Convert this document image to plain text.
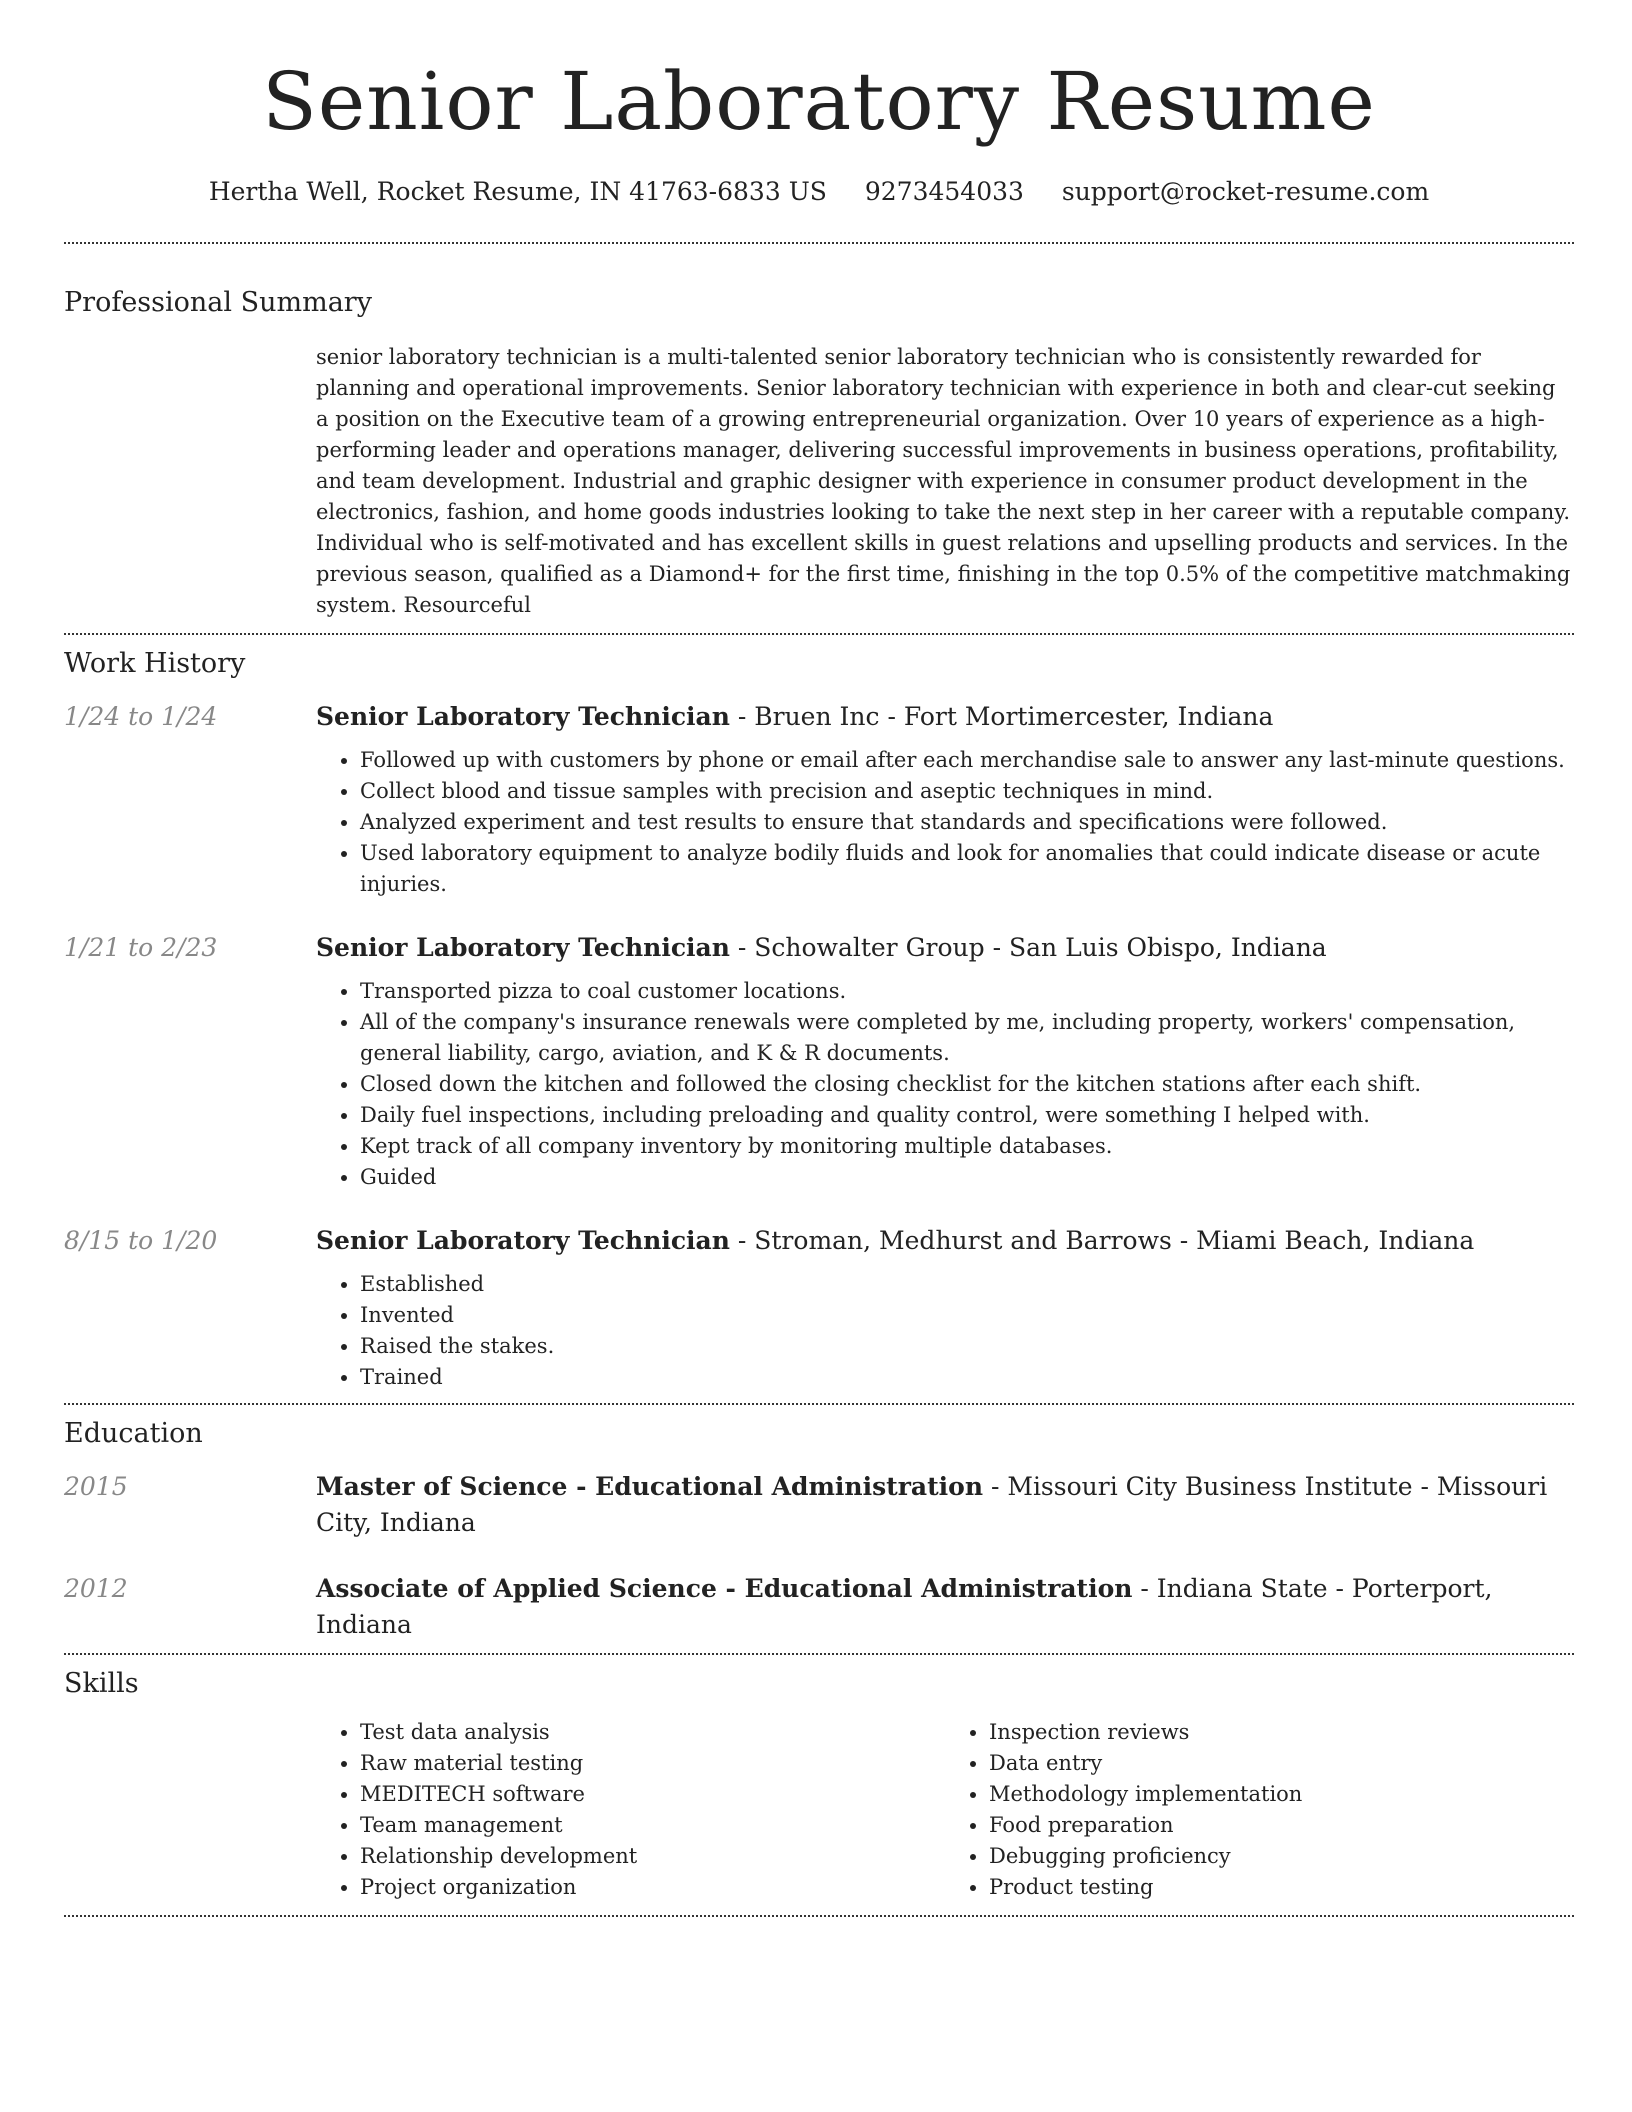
Senior Laboratory Resume
Hertha Well, Rocket Resume, IN 41763-6833 US 9273454033 support@rocket-resume.com
Professional Summary
senior laboratory technician is a multi-talented senior laboratory technician who is consistently rewarded for planning and operational improvements. Senior laboratory technician with experience in both and clear-cut seeking a position on the Executive team of a growing entrepreneurial organization. Over 10 years of experience as a high-performing leader and operations manager, delivering successful improvements in business operations, profitability, and team development. Industrial and graphic designer with experience in consumer product development in the electronics, fashion, and home goods industries looking to take the next step in her career with a reputable company. Individual who is self-motivated and has excellent skills in guest relations and upselling products and services. In the previous season, qualified as a Diamond+ for the first time, finishing in the top 0.5% of the competitive matchmaking system. Resourceful
Work History
1/24 to 1/24	Senior Laboratory Technician - Bruen Inc - Fort Mortimercester, Indiana
• Followed up with customers by phone or email after each merchandise sale to answer any last-minute questions.
• Collect blood and tissue samples with precision and aseptic techniques in mind.
• Analyzed experiment and test results to ensure that standards and specifications were followed.
• Used laboratory equipment to analyze bodily fluids and look for anomalies that could indicate disease or acute injuries.
1/21 to 2/23	Senior Laboratory Technician - Schowalter Group - San Luis Obispo, Indiana
• Transported pizza to coal customer locations.
• All of the company's insurance renewals were completed by me, including property, workers' compensation, general liability, cargo, aviation, and K & R documents.
• Closed down the kitchen and followed the closing checklist for the kitchen stations after each shift.
• Daily fuel inspections, including preloading and quality control, were something I helped with.
• Kept track of all company inventory by monitoring multiple databases.
• Guided
8/15 to 1/20	Senior Laboratory Technician - Stroman, Medhurst and Barrows - Miami Beach, Indiana
• Established
• Invented
• Raised the stakes.
• Trained
Education
2015	Master of Science - Educational Administration - Missouri City Business Institute - Missouri City, Indiana
2012	Associate of Applied Science - Educational Administration - Indiana State - Porterport, Indiana
Skills
• Test data analysis
• Raw material testing
• MEDITECH software
• Team management
• Relationship development
• Project organization
• Inspection reviews
• Data entry
• Methodology implementation
• Food preparation
• Debugging proficiency
• Product testing
